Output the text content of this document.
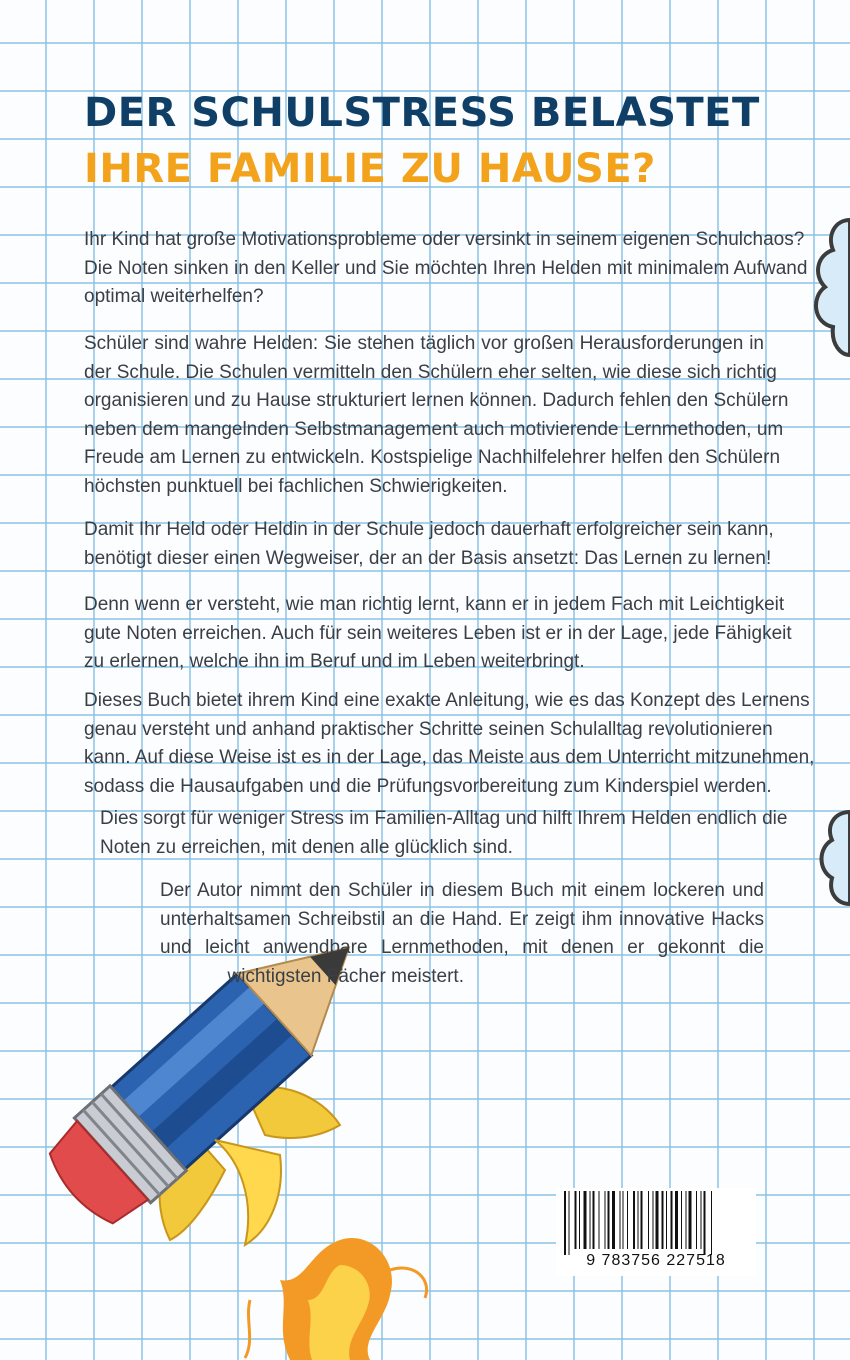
DER SCHULSTRESS BELASTET
IHRE FAMILIE ZU HAUSE?

Ihr Kind hat große Motivationsprobleme oder versinkt in seinem eigenen Schulchaos?
Die Noten sinken in den Keller und Sie möchten Ihren Helden mit minimalem Aufwand
optimal weiterhelfen?

Schüler sind wahre Helden: Sie stehen täglich vor großen Herausforderungen in
der Schule. Die Schulen vermitteln den Schülern eher selten, wie diese sich richtig
organisieren und zu Hause strukturiert lernen können. Dadurch fehlen den Schülern
neben dem mangelnden Selbstmanagement auch motivierende Lernmethoden, um
Freude am Lernen zu entwickeln. Kostspielige Nachhilfelehrer helfen den Schülern
höchsten punktuell bei fachlichen Schwierigkeiten.

Damit Ihr Held oder Heldin in der Schule jedoch dauerhaft erfolgreicher sein kann,
benötigt dieser einen Wegweiser, der an der Basis ansetzt: Das Lernen zu lernen!

Denn wenn er versteht, wie man richtig lernt, kann er in jedem Fach mit Leichtigkeit
gute Noten erreichen. Auch für sein weiteres Leben ist er in der Lage, jede Fähigkeit
zu erlernen, welche ihn im Beruf und im Leben weiterbringt.

Dieses Buch bietet ihrem Kind eine exakte Anleitung, wie es das Konzept des Lernens
genau versteht und anhand praktischer Schritte seinen Schulalltag revolutionieren
kann. Auf diese Weise ist es in der Lage, das Meiste aus dem Unterricht mitzunehmen,
sodass die Hausaufgaben und die Prüfungsvorbereitung zum Kinderspiel werden.

Dies sorgt für weniger Stress im Familien-Alltag und hilft Ihrem Helden endlich die
Noten zu erreichen, mit denen alle glücklich sind.

Der Autor nimmt den Schüler in diesem Buch mit einem lockeren und
unterhaltsamen Schreibstil an die Hand. Er zeigt ihm innovative Hacks
und leicht anwendbare Lernmethoden, mit denen er gekonnt die
wichtigsten Fächer meistert.

9 783756 227518
